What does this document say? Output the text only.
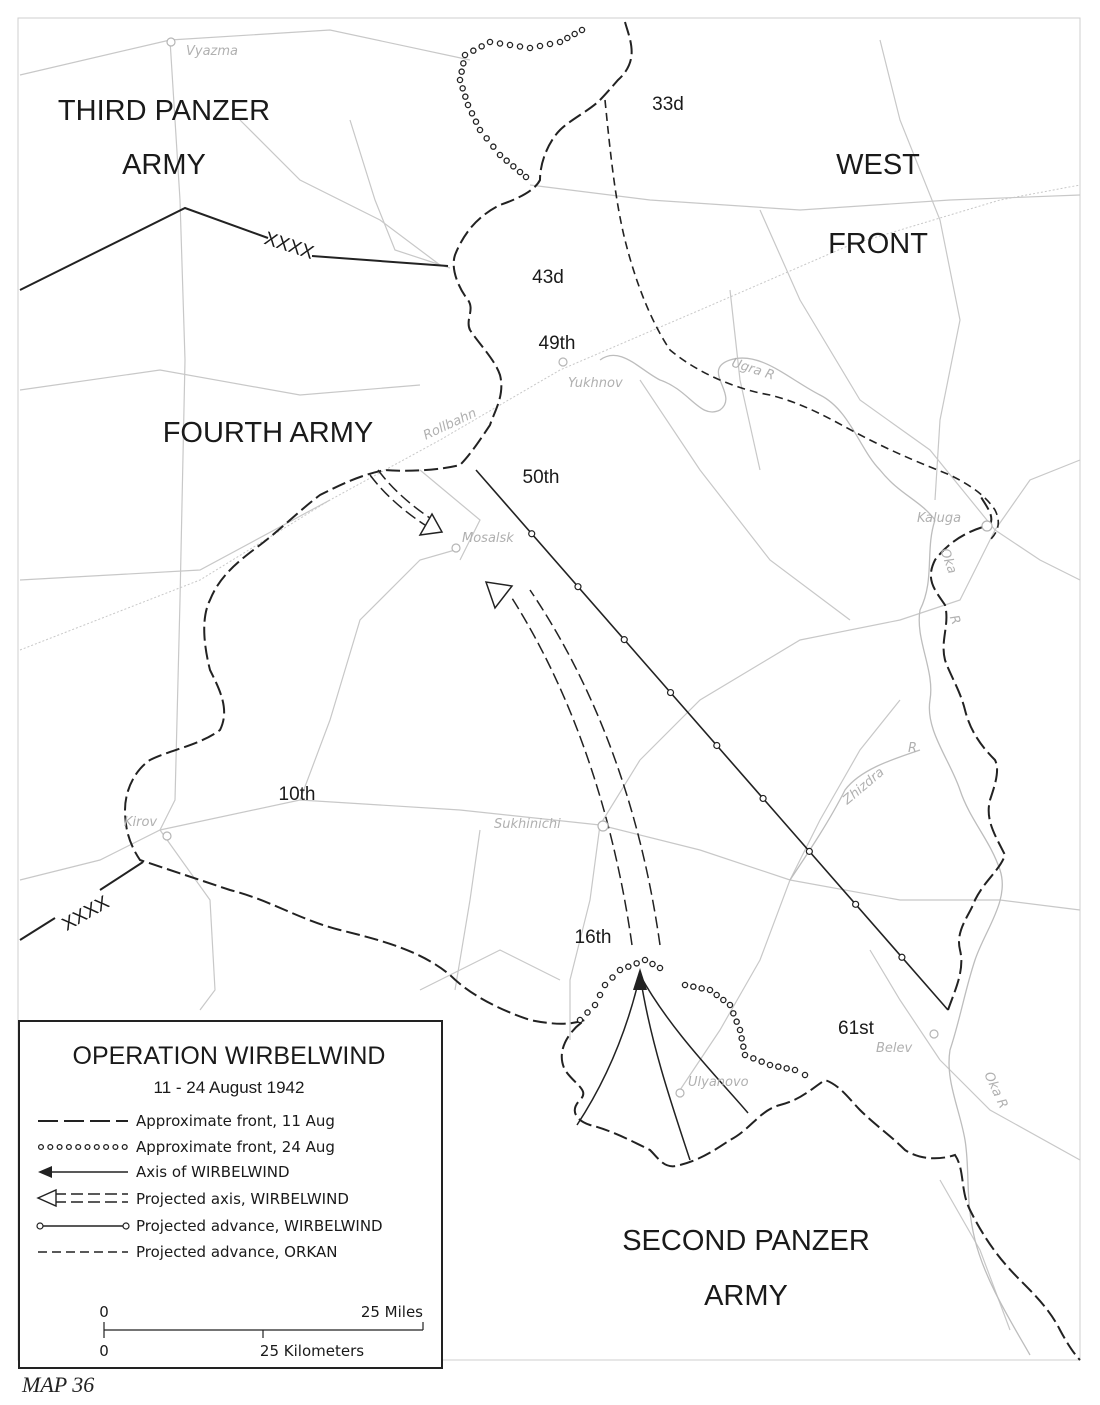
XXXX
XXXX
THIRD PANZER
ARMY	WEST
FRONT
FOURTH ARMY
SECOND PANZER
ARMY
33d
43d
49th
50th
10th
16th
61st
Vyazma
Yukhnov
Rollbahn
Ugra R
Kaluga
Mosalsk
Oka
R
Zhizdra
R
Kirov	Sukhinichi
Belev
Ulyanovo	Oka R
OPERATION WIRBELWIND
11 - 24 August 1942
Approximate front, 11 Aug
Approximate front, 24 Aug
Axis of WIRBELWIND
Projected axis, WIRBELWIND
Projected advance, WIRBELWIND
Projected advance, ORKAN
0	25 Miles
0	25 Kilometers
MAP 36
